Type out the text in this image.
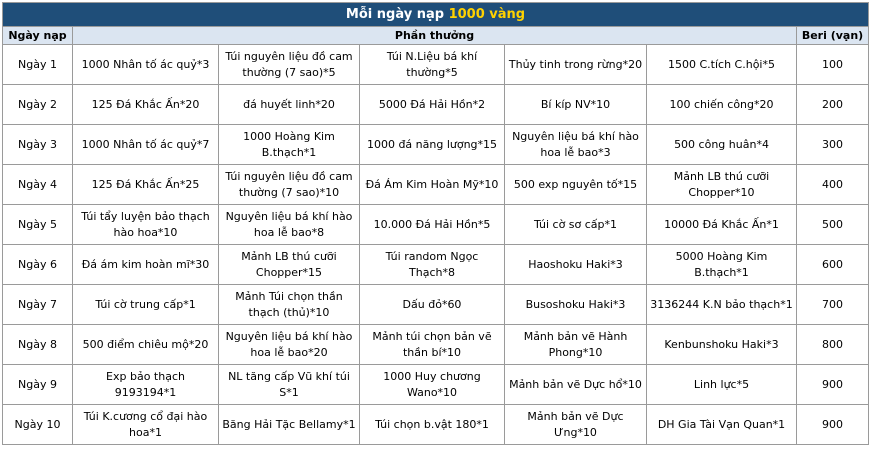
Mỗi ngày nạp 1000 vàng						
Ngày nạp	Phần thưởng					Beri (vạn)
Ngày 1	1000 Nhân tố ác quỷ*3	Túi nguyên liệu đồ cam thường (7 sao)*5	Túi N.Liệu bá khí thường*5	Thủy tinh trong rừng*20	1500 C.tích C.hội*5	100
Ngày 2	125 Đá Khắc Ấn*20	đá huyết linh*20	5000 Đá Hải Hồn*2	Bí kíp NV*10	100 chiến công*20	200
Ngày 3	1000 Nhân tố ác quỷ*7	1000 Hoàng Kim B.thạch*1	1000 đá năng lượng*15	Nguyên liệu bá khí hào hoa lễ bao*3	500 công huân*4	300
Ngày 4	125 Đá Khắc Ấn*25	Túi nguyên liệu đồ cam thường (7 sao)*10	Đá Ám Kim Hoàn Mỹ*10	500 exp nguyên tố*15	Mảnh LB thú cưỡi Chopper*10	400
Ngày 5	Túi tẩy luyện bảo thạch hào hoa*10	Nguyên liệu bá khí hào hoa lễ bao*8	10.000 Đá Hải Hồn*5	Túi cờ sơ cấp*1	10000 Đá Khắc Ấn*1	500
Ngày 6	Đá ám kim hoàn mĩ*30	Mảnh LB thú cưỡi Chopper*15	Túi random Ngọc Thạch*8	Haoshoku Haki*3	5000 Hoàng Kim B.thạch*1	600
Ngày 7	Túi cờ trung cấp*1	Mảnh Túi chọn thần thạch (thủ)*10	Dấu đỏ*60	Busoshoku Haki*3	3136244 K.N bảo thạch*1	700
Ngày 8	500 điểm chiêu mộ*20	Nguyên liệu bá khí hào hoa lễ bao*20	Mảnh túi chọn bản vẽ thần bí*10	Mảnh bản vẽ Hành Phong*10	Kenbunshoku Haki*3	800
Ngày 9	Exp bảo thạch 9193194*1	NL tăng cấp Vũ khí túi S*1	1000 Huy chương Wano*10	Mảnh bản vẽ Dực hổ*10	Linh lực*5	900
Ngày 10	Túi K.cương cổ đại hào hoa*1	Băng Hải Tặc Bellamy*1	Túi chọn b.vật 180*1	Mảnh bản vẽ Dực Ưng*10	DH Gia Tài Vạn Quan*1	900
